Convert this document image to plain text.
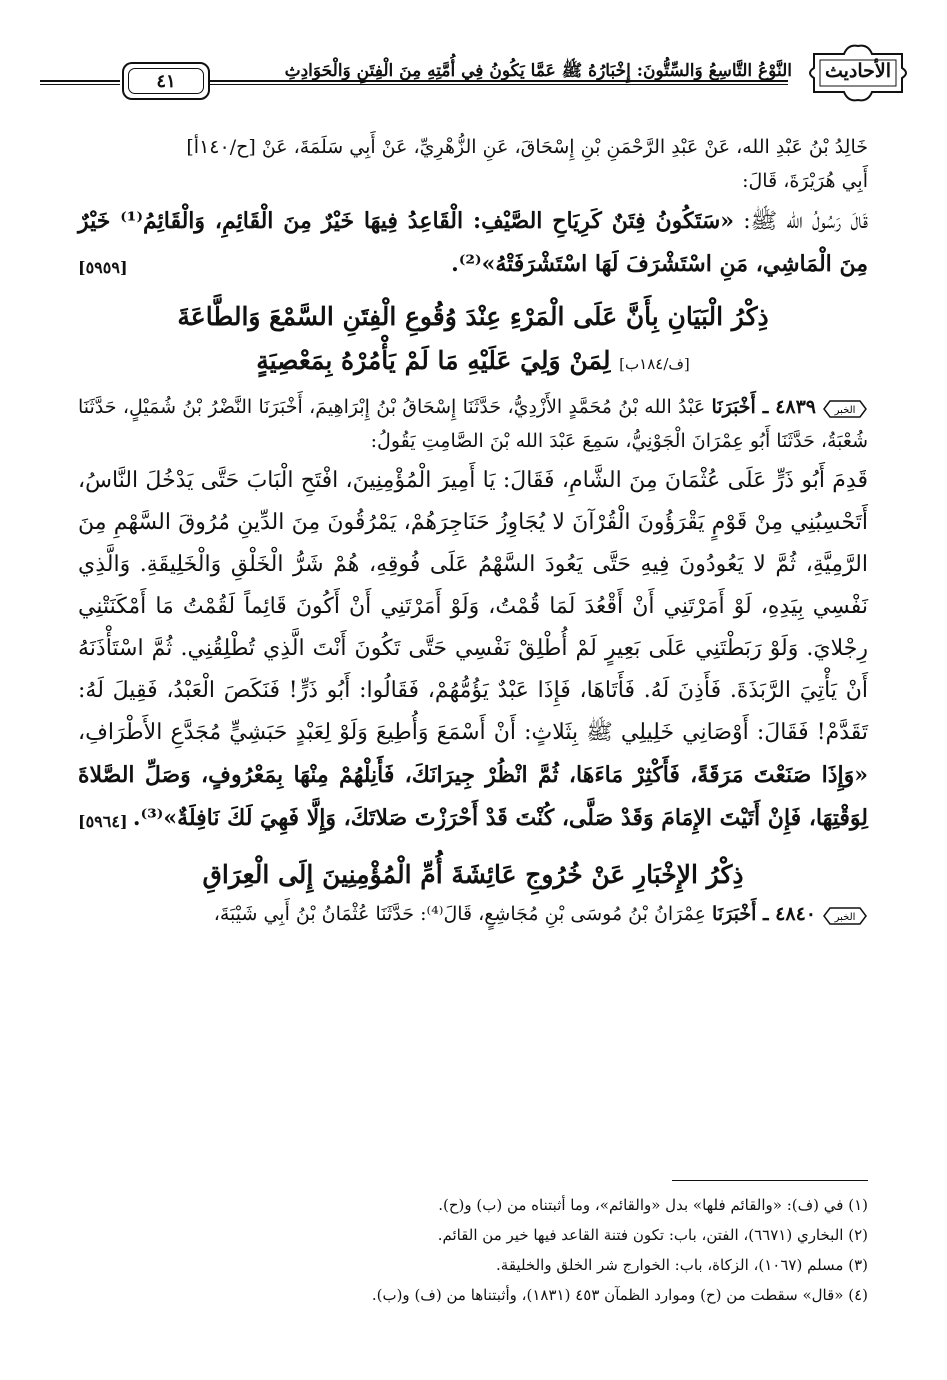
٤١	النَّوْعُ التَّاسِعُ وَالسِّتُّونَ: إِخْبَارُهُ ﷺ عَمَّا يَكُونُ فِي أُمَّتِهِ مِنَ الْفِتَنِ وَالْحَوَادِثِ الأحاديث

خَالِدُ بْنُ عَبْدِ الله، عَنْ عَبْدِ الرَّحْمَنِ بْنِ إِسْحَاقَ، عَنِ الزُّهْرِيِّ، عَنْ أَبِي سَلَمَةَ، عَنْ [ح/١٤٠أ]
أَبِي هُرَيْرَةَ، قَالَ:

قَالَ رَسُولُ الله ﷺ: «سَتَكُونُ فِتَنٌ كَرِيَاحِ الصَّيْفِ: الْقَاعِدُ فِيهَا خَيْرٌ مِنَ الْقَائِمِ، وَالْقَائِمُ⁽¹⁾ خَيْرٌ مِنَ الْمَاشِي، مَنِ اسْتَشْرَفَ لَهَا اسْتَشْرَفَتْهُ»⁽²⁾.
[٥٩٥٩]

ذِكْرُ الْبَيَانِ بِأَنَّ عَلَى الْمَرْءِ عِنْدَ وُقُوعِ الْفِتَنِ السَّمْعَ وَالطَّاعَةَ
[ف/١٨٤ب] لِمَنْ وَلِيَ عَلَيْهِ مَا لَمْ يَأْمُرْهُ بِمَعْصِيَةٍ

الخبر
٤٨٣٩ ـ أَخْبَرَنَا عَبْدُ الله بْنُ مُحَمَّدٍ الأَزْدِيُّ، حَدَّثَنَا إِسْحَاقُ بْنُ إِبْرَاهِيمَ، أَخْبَرَنَا النَّضْرُ بْنُ شُمَيْلٍ، حَدَّثَنَا شُعْبَةُ، حَدَّثَنَا أَبُو عِمْرَانَ الْجَوْنِيُّ، سَمِعَ عَبْدَ الله بْنَ الصَّامِتِ يَقُولُ:

قَدِمَ أَبُو ذَرٍّ عَلَى عُثْمَانَ مِنَ الشَّامِ، فَقَالَ: يَا أَمِيرَ الْمُؤْمِنِينَ، افْتَحِ الْبَابَ حَتَّى يَدْخُلَ النَّاسُ، أَتَحْسِبُنِي مِنْ قَوْمٍ يَقْرَؤُونَ الْقُرْآنَ لا يُجَاوِزُ حَنَاجِرَهُمْ، يَمْرُقُونَ مِنَ الدِّينِ مُرُوقَ السَّهْمِ مِنَ الرَّمِيَّةِ، ثُمَّ لا يَعُودُونَ فِيهِ حَتَّى يَعُودَ السَّهْمُ عَلَى فُوقِهِ، هُمْ شَرُّ الْخَلْقِ وَالْخَلِيقَةِ. وَالَّذِي نَفْسِي بِيَدِهِ، لَوْ أَمَرْتَنِي أَنْ أَقْعُدَ لَمَا قُمْتُ، وَلَوْ أَمَرْتَنِي أَنْ أَكُونَ قَائِماً لَقُمْتُ مَا أَمْكَنَتْنِي رِجْلايَ. وَلَوْ رَبَطْتَنِي عَلَى بَعِيرٍ لَمْ أُطْلِقْ نَفْسِي حَتَّى تَكُونَ أَنْتَ الَّذِي تُطْلِقُنِي. ثُمَّ اسْتَأْذَنَهُ أَنْ يَأْتِيَ الرَّبَذَةَ. فَأَذِنَ لَهُ. فَأَتَاهَا، فَإِذَا عَبْدٌ يَؤُمُّهُمْ، فَقَالُوا: أَبُو ذَرٍّ! فَنَكَصَ الْعَبْدُ، فَقِيلَ لَهُ: تَقَدَّمْ! فَقَالَ: أَوْصَانِي خَلِيلِي ﷺ بِثَلاثٍ: أَنْ أَسْمَعَ وَأُطِيعَ وَلَوْ لِعَبْدٍ حَبَشِيٍّ مُجَدَّعِ الأَطْرَافِ، «وَإِذَا صَنَعْتَ مَرَقَةً، فَأَكْثِرْ مَاءَهَا، ثُمَّ انْظُرْ جِيرَانَكَ، فَأَنِلْهُمْ مِنْهَا بِمَعْرُوفٍ، وَصَلِّ الصَّلاةَ لِوَقْتِهَا، فَإِنْ أَتَيْتَ الإِمَامَ وَقَدْ صَلَّى، كُنْتَ قَدْ أَحْرَزْتَ صَلاتَكَ، وَإِلَّا فَهِيَ لَكَ نَافِلَةٌ»⁽³⁾.
[٥٩٦٤]

ذِكْرُ الإِخْبَارِ عَنْ خُرُوجِ عَائِشَةَ أُمِّ الْمُؤْمِنِينَ إِلَى الْعِرَاقِ

الخبر
٤٨٤٠ ـ أَخْبَرَنَا عِمْرَانُ بْنُ مُوسَى بْنِ مُجَاشِعٍ، قَالَ⁽⁴⁾: حَدَّثَنَا عُثْمَانُ بْنُ أَبِي شَيْبَةَ،

(١) في (ف): «والقائم فلها» بدل «والقائم»، وما أثبتناه من (ب) و(ح).

(٢) البخاري (٦٦٧١)، الفتن، باب: تكون فتنة القاعد فيها خير من القائم.

(٣) مسلم (١٠٦٧)، الزكاة، باب: الخوارج شر الخلق والخليقة.

(٤) «قال» سقطت من (ح) وموارد الظمآن ٤٥٣ (١٨٣١)، وأثبتناها من (ف) و(ب).
